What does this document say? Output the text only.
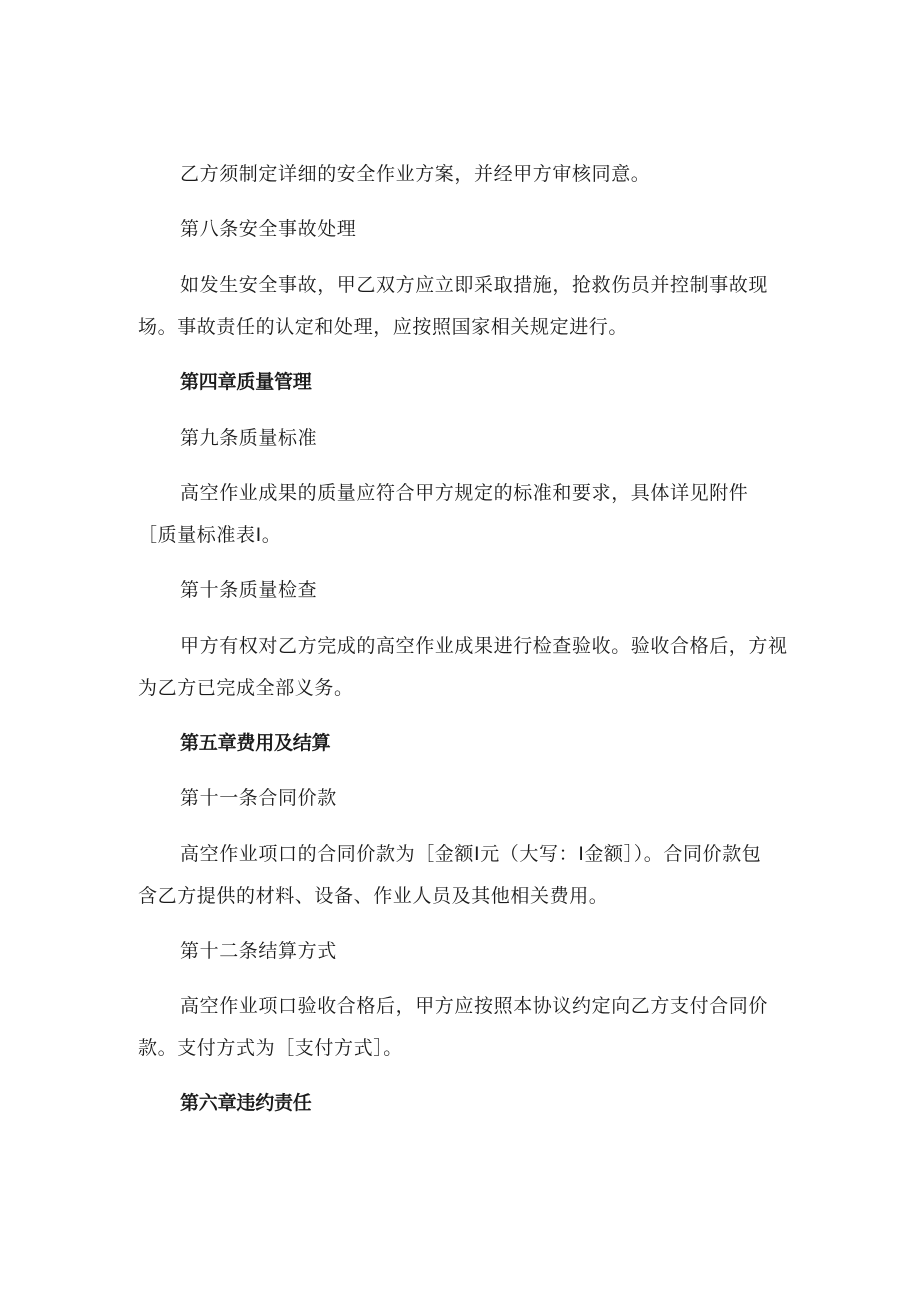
乙方须制定详细的安全作业方案，并经甲方审核同意。
第八条安全事故处理
如发生安全事故，甲乙双方应立即采取措施，抢救伤员并控制事故现
场。事故责任的认定和处理，应按照国家相关规定进行。
第四章质量管理
第九条质量标准
高空作业成果的质量应符合甲方规定的标准和要求，具体详见附件
［质量标准表Ⅰ。
第十条质量检查
甲方有权对乙方完成的高空作业成果进行检查验收。验收合格后，方视
为乙方已完成全部义务。
第五章费用及结算
第十一条合同价款
高空作业项口的合同价款为［金额Ⅰ元（大写：Ⅰ金额］）。合同价款包
含乙方提供的材料、设备、作业人员及其他相关费用。
第十二条结算方式
高空作业项口验收合格后，甲方应按照本协议约定向乙方支付合同价
款。支付方式为［支付方式］。
第六章违约责任
